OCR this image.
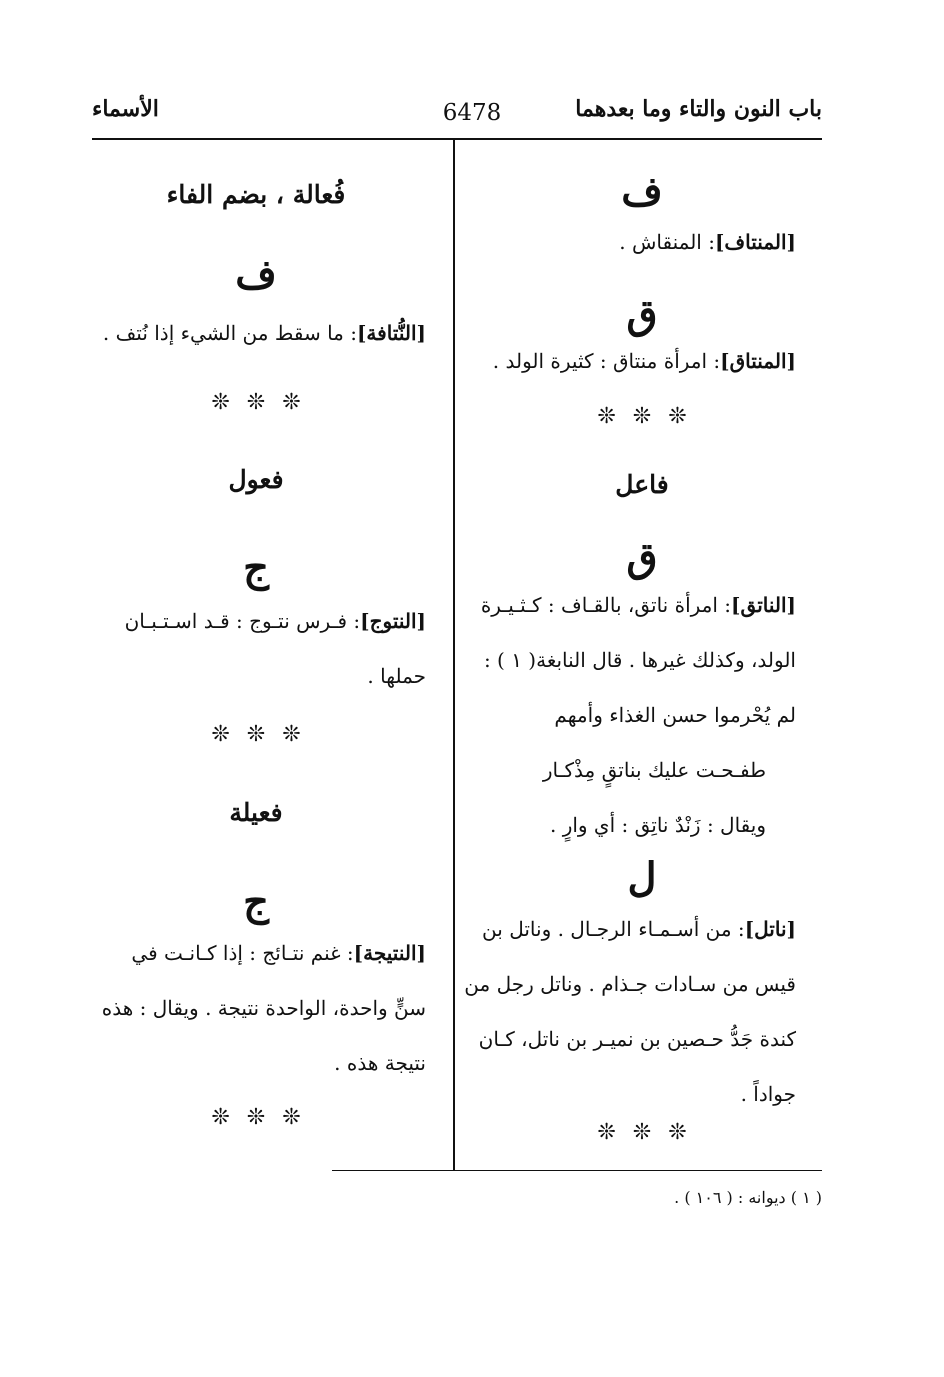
باب النون والتاء وما بعدهما
6478
الأسماء
ف
[المنتاف]: المنقاش .
ق
[المنتاق]: امرأة منتاق : كثيرة الولد .
❊ ❊ ❊
فاعل
ق
[الناتق]: امرأة ناتق، بالقـاف : كـثـيـرة
الولد، وكذلك غيرها . قال النابغة( ١ ) :
لم يُحْرموا حسن الغذاء وأمهم
طفـحـت عليك بناتقٍ مِذْكـار
ويقال : زَنْدٌ ناتِق : أي وارٍ .
ل
[ناتل]: من أسـمـاء الرجـال . وناتل بن
قيس من سـادات جـذام . وناتل رجل من
كندة جَدُّ حـصين بن نميـر بن ناتل، كـان
جواداً .
❊ ❊ ❊
فُعالة ، بضم الفاء
ف
[النُّتافة]: ما سقط من الشيء إذا نُتف .
❊ ❊ ❊
فعول
ج
[النتوج]: فـرس نتـوج : قـد اسـتـبـان
حملها .
❊ ❊ ❊
فعيلة
ج
[النتيجة]: غنم نتـائج : إذا كـانـت في
سنٍّ واحدة، الواحدة نتيجة . ويقال : هذه
نتيجة هذه .
❊ ❊ ❊
( ١ ) ديوانه : ( ١٠٦ ) .
